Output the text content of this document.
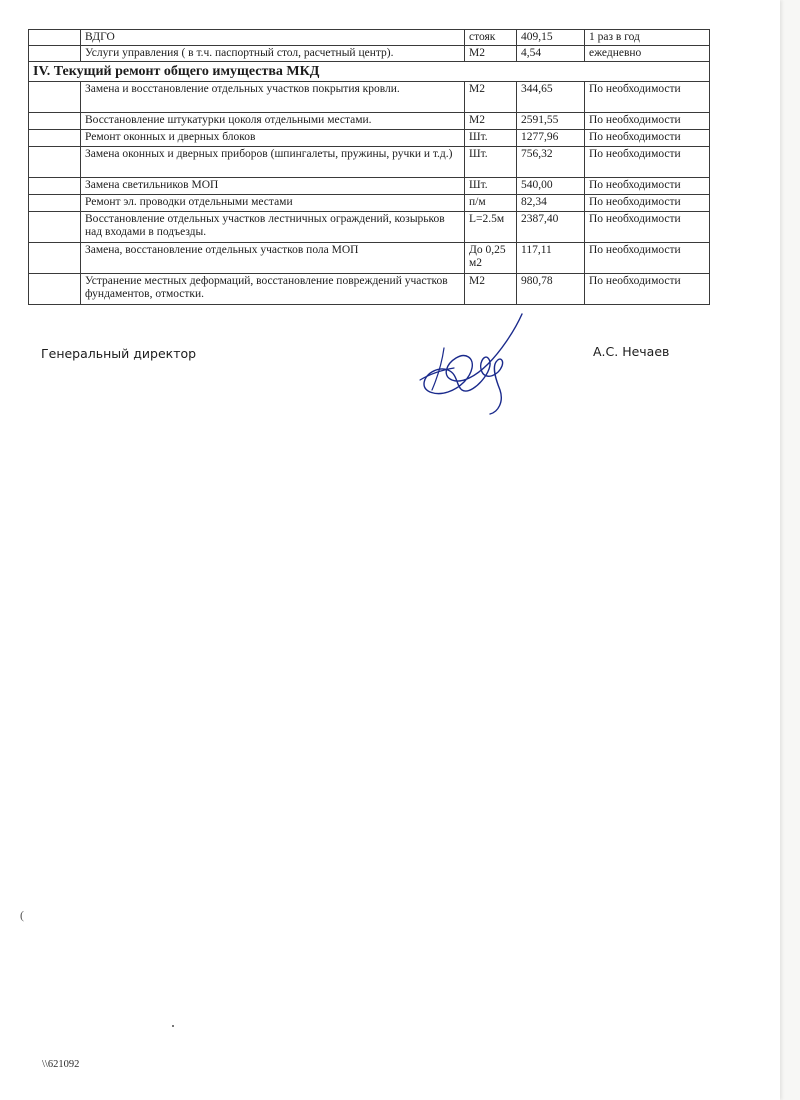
	ВДГО	стояк	409,15	1 раз в год
	Услуги управления ( в т.ч. паспортный стол, расчетный центр).	М2	4,54	ежедневно
IV. Текущий ремонт общего имущества МКД				
	Замена и восстановление отдельных участков покрытия кровли.	М2	344,65	По необходимости
	Восстановление штукатурки цоколя отдельными местами.	М2	2591,55	По необходимости
	Ремонт оконных и дверных блоков	Шт.	1277,96	По необходимости
	Замена оконных и дверных приборов (шпингалеты, пружины, ручки и т.д.)	Шт.	756,32	По необходимости
	Замена светильников МОП	Шт.	540,00	По необходимости
	Ремонт эл. проводки отдельными местами	п/м	82,34	По необходимости
	Восстановление отдельных участков лестничных ограждений, козырьков над входами в подъезды.	L=2.5м	2387,40	По необходимости
	Замена, восстановление отдельных участков пола МОП	До 0,25 м2	117,11	По необходимости
	Устранение местных деформаций, восстановление повреждений участков фундаментов, отмостки.	М2	980,78	По необходимости
Генеральный директор	А.С. Нечаев
(
\\621092
